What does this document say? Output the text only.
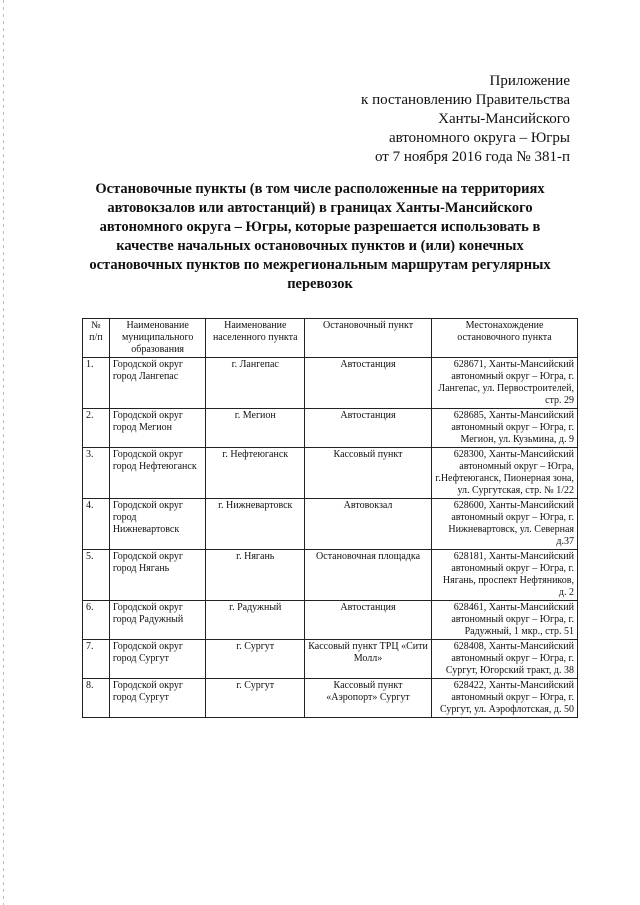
Приложение
к постановлению Правительства
Ханты-Мансийского
автономного округа – Югры
от 7 ноября 2016 года № 381-п
Остановочные пункты (в том числе расположенные на территориях
автовокзалов или автостанций) в границах Ханты-Мансийского
автономного округа – Югры, которые разрешается использовать в
качестве начальных остановочных пунктов и (или) конечных
остановочных пунктов по межрегиональным маршрутам регулярных
перевозок
№ п/п	Наименование муниципального образования	Наименование населенного пункта	Остановочный пункт	Местонахождение остановочного пункта
1.	Городской округ город Лангепас	г. Лангепас	Автостанция	628671, Ханты-Мансийский автономный округ – Югра, г. Лангепас, ул. Первостроителей, стр. 29
2.	Городской округ город Мегион	г. Мегион	Автостанция	628685, Ханты-Мансийский автономный округ – Югра, г. Мегион, ул. Кузьмина, д. 9
3.	Городской округ город Нефтеюганск	г. Нефтеюганск	Кассовый пункт	628300, Ханты-Мансийский автономный округ – Югра, г.Нефтеюганск, Пионерная зона, ул. Сургутская, стр. № 1/22
4.	Городской округ город Нижневартовск	г. Нижневартовск	Автовокзал	628600, Ханты-Мансийский автономный округ – Югра, г. Нижневартовск, ул. Северная д.37
5.	Городской округ город Нягань	г. Нягань	Остановочная площадка	628181, Ханты-Мансийский автономный округ – Югра, г. Нягань, проспект Нефтяников, д. 2
6.	Городской округ город Радужный	г. Радужный	Автостанция	628461, Ханты-Мансийский автономный округ – Югра, г. Радужный, 1 мкр., стр. 51
7.	Городской округ город Сургут	г. Сургут	Кассовый пункт ТРЦ «Сити Молл»	628408, Ханты-Мансийский автономный округ – Югра, г. Сургут, Югорский тракт, д. 38
8.	Городской округ город Сургут	г. Сургут	Кассовый пункт «Аэропорт» Сургут	628422, Ханты-Мансийский автономный округ – Югра, г. Сургут, ул. Аэрофлотская, д. 50
